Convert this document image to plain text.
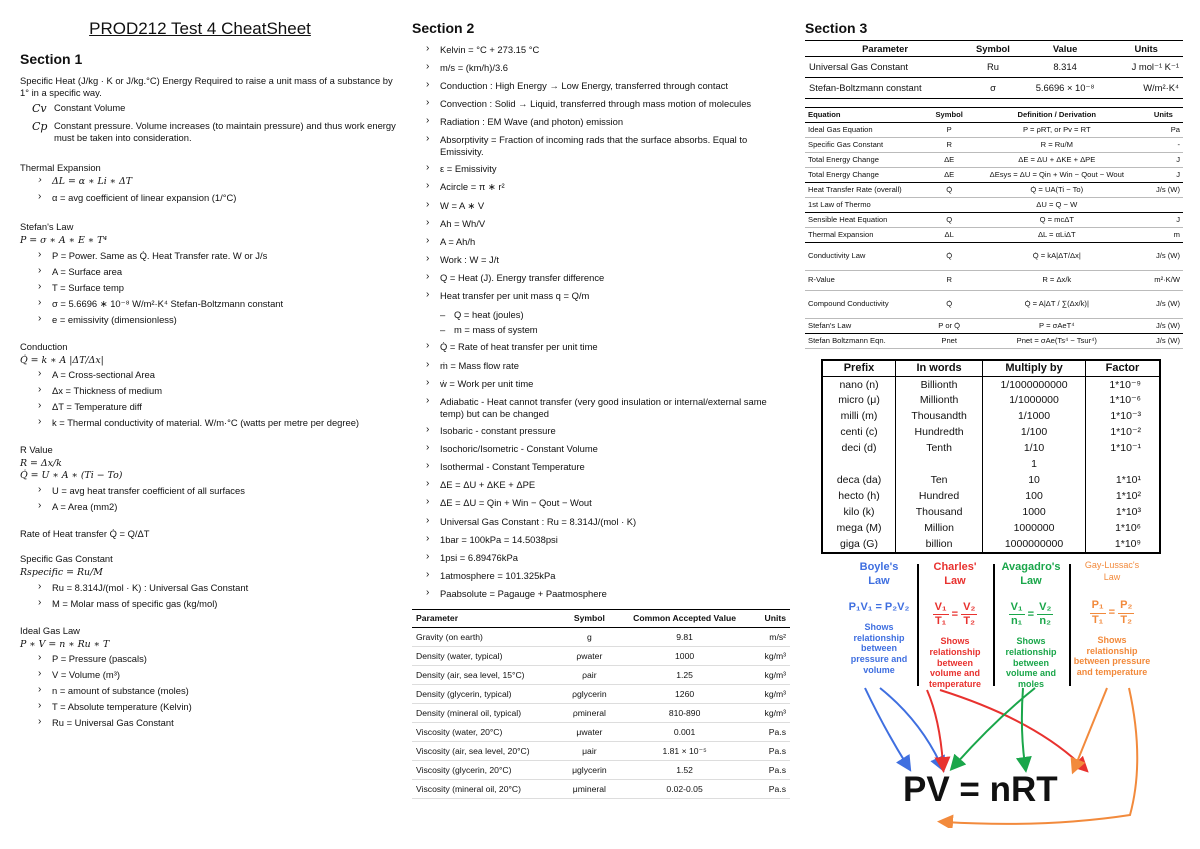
PROD212 Test 4 CheatSheet
Section 1
Specific Heat (J/kg · K or J/kg.°C) Energy Required to raise a unit mass of a substance by 1° in a specific way.
Cv Constant Volume
Cp Constant pressure. Volume increases (to maintain pressure) and thus work energy must be taken into consideration.
Thermal Expansion
› ΔL = α ∗ Li ∗ ΔT
› α = avg coefficient of linear expansion (1/°C)
Stefan's Law
P = σ ∗ A ∗ E ∗ T⁴
› P = Power. Same as Q̇. Heat Transfer rate. W or J/s
› A = Surface area
› T = Surface temp
› σ = 5.6696 ∗ 10⁻⁸ W/m²·K⁴ Stefan-Boltzmann constant
› e = emissivity (dimensionless)
Conduction
Q̇ = k ∗ A |ΔT/Δx|
› A = Cross-sectional Area
› Δx = Thickness of medium
› ΔT = Temperature diff
› k = Thermal conductivity of material. W/m·°C (watts per metre per degree)
R Value
R = Δx/k
Q̇ = U ∗ A ∗ (Ti − To)
› U = avg heat transfer coefficient of all surfaces
› A = Area (mm2)
Rate of Heat transfer Q̇ = Q/ΔT
Specific Gas Constant
Rspecific = Ru/M
› Ru = 8.314J/(mol · K) : Universal Gas Constant
› M = Molar mass of specific gas (kg/mol)
Ideal Gas Law
P ∗ V = n ∗ Ru ∗ T
› P = Pressure (pascals)
› V = Volume (m³)
› n = amount of substance (moles)
› T = Absolute temperature (Kelvin)
› Ru = Universal Gas Constant
Section 2
› Kelvin = °C + 273.15 °C
› m/s = (km/h)/3.6
› Conduction : High Energy → Low Energy, transferred through contact
› Convection : Solid → Liquid, transferred through mass motion of molecules
› Radiation : EM Wave (and photon) emission
› Absorptivity = Fraction of incoming rads that the surface absorbs. Equal to Emissivity.
› ε = Emissivity
› Acircle = π ∗ r²
› W = A ∗ V
› Ah = Wh/V
› A = Ah/h
› Work : W = J/t
› Q = Heat (J). Energy transfer difference
› Heat transfer per unit mass q = Q/m
– Q = heat (joules)
– m = mass of system
› Q̇ = Rate of heat transfer per unit time
› ṁ = Mass flow rate
› ẇ = Work per unit time
› Adiabatic - Heat cannot transfer (very good insulation or internal/external same temp) but can be changed
› Isobaric - constant pressure
› Isochoric/Isometric - Constant Volume
› Isothermal - Constant Temperature
› ΔE = ΔU + ΔKE + ΔPE
› ΔE = ΔU = Qin + Win − Qout − Wout
› Universal Gas Constant : Ru = 8.314J/(mol · K)
› 1bar = 100kPa = 14.5038psi
› 1psi = 6.89476kPa
› 1atmosphere = 101.325kPa
› Paabsolute = Pagauge + Paatmosphere
Parameter	Symbol	Common Accepted Value	Units
Gravity (on earth)	g	9.81	m/s²
Density (water, typical)	ρwater	1000	kg/m³
Density (air, sea level, 15°C)	ρair	1.25	kg/m³
Density (glycerin, typical)	ρglycerin	1260	kg/m³
Density (mineral oil, typical)	ρmineral	810-890	kg/m³
Viscosity (water, 20°C)	μwater	0.001	Pa.s
Viscosity (air, sea level, 20°C)	μair	1.81 × 10⁻⁵	Pa.s
Viscosity (glycerin, 20°C)	μglycerin	1.52	Pa.s
Viscosity (mineral oil, 20°C)	μmineral	0.02-0.05	Pa.s
Section 3
Parameter	Symbol	Value	Units
Universal Gas Constant	Ru	8.314	J mol⁻¹ K⁻¹
Stefan-Boltzmann constant	σ	5.6696 × 10⁻⁸	W/m²·K⁴
Equation	Symbol	Definition / Derivation	Units
Ideal Gas Equation	P	P = ρRT, or Pv = RT	Pa
Specific Gas Constant	R	R = Ru/M	-
Total Energy Change	ΔE	ΔE = ΔU + ΔKE + ΔPE	J
Total Energy Change	ΔE	ΔEsys = ΔU = Qin + Win − Qout − Wout	J
Heat Transfer Rate (overall)	Q̇	Q̇ = UA(Ti − To)	J/s (W)
1st Law of Thermo		ΔU = Q − W	
Sensible Heat Equation	Q	Q = mcΔT	J
Thermal Expansion	ΔL	ΔL = αLiΔT	m
Conductivity Law	Q̇	Q̇ = kA|ΔT/Δx|	J/s (W)
R-Value	R	R = Δx/k	m²·K/W
Compound Conductivity	Q̇	Q̇ = A|ΔT / ∑(Δx/k)|	J/s (W)
Stefan's Law	P or Q̇	P = σAeT⁴	J/s (W)
Stefan Boltzmann Eqn.	Pnet	Pnet = σAe(Ts⁴ − Tsur⁴)	J/s (W)
Prefix	In words	Multiply by	Factor
nano (n)	Billionth	1/1000000000	1*10⁻⁹
micro (μ)	Millionth	1/1000000	1*10⁻⁶
milli (m)	Thousandth	1/1000	1*10⁻³
centi (c)	Hundredth	1/100	1*10⁻²
deci (d)	Tenth	1/10	1*10⁻¹
		1	
deca (da)	Ten	10	1*10¹
hecto (h)	Hundred	100	1*10²
kilo (k)	Thousand	1000	1*10³
mega (M)	Million	1000000	1*10⁶
giga (G)	billion	1000000000	1*10⁹
Boyle's
Law
P₁V₁ = P₂V₂
Shows relationship between pressure and volume
Charles'
Law
$\frac{\text{V₁}}{\text{T₁}} = \frac{\text{V₂}}{\text{T₂}}$
Shows relationship between volume and temperature
Avagadro's
Law
$\frac{\text{V₁}}{\text{n₁}} = \frac{\text{V₂}}{\text{n₂}}$
Shows relationship between volume and moles
Gay-Lussac's
Law
$\frac{\text{P₁}}{\text{T₁}} = \frac{\text{P₂}}{\text{T₂}}$
Shows relationship between pressure and temperature
PV = nRT
